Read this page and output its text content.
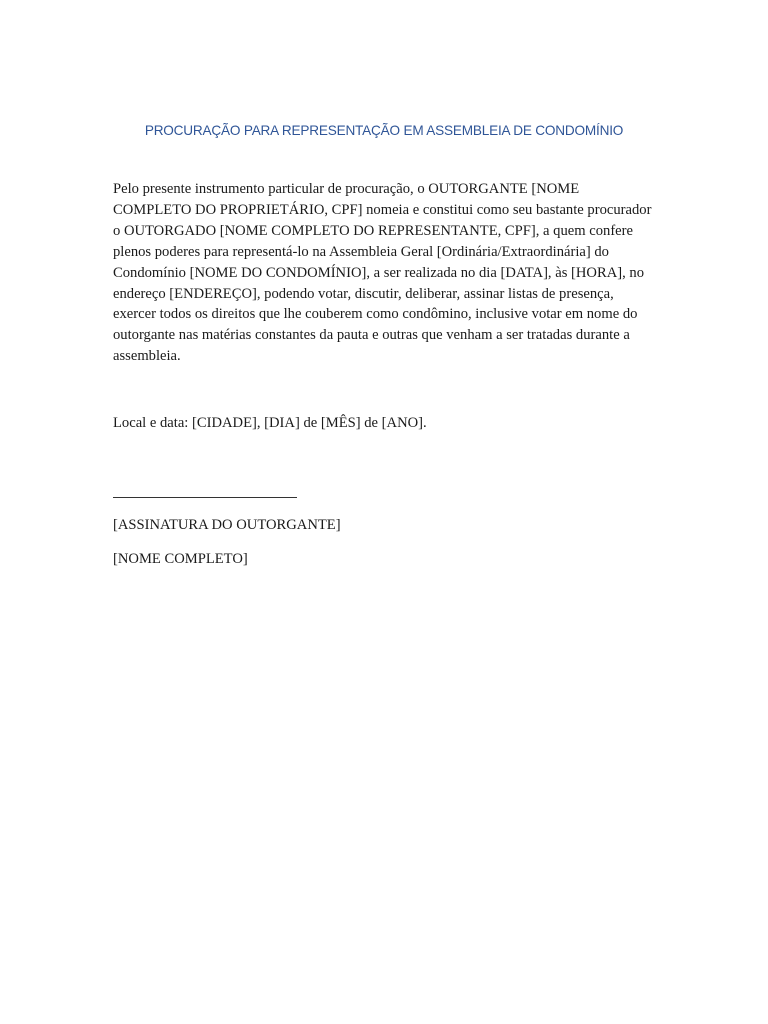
PROCURAÇÃO PARA REPRESENTAÇÃO EM ASSEMBLEIA DE CONDOMÍNIO

Pelo presente instrumento particular de procuração, o OUTORGANTE [NOME COMPLETO DO PROPRIETÁRIO, CPF] nomeia e constitui como seu bastante procurador o OUTORGADO [NOME COMPLETO DO REPRESENTANTE, CPF], a quem confere plenos poderes para representá-lo na Assembleia Geral [Ordinária/Extraordinária] do Condomínio [NOME DO CONDOMÍNIO], a ser realizada no dia [DATA], às [HORA], no endereço [ENDEREÇO], podendo votar, discutir, deliberar, assinar listas de presença, exercer todos os direitos que lhe couberem como condômino, inclusive votar em nome do outorgante nas matérias constantes da pauta e outras que venham a ser tratadas durante a assembleia.

Local e data: [CIDADE], [DIA] de [MÊS] de [ANO].

[ASSINATURA DO OUTORGANTE]

[NOME COMPLETO]
